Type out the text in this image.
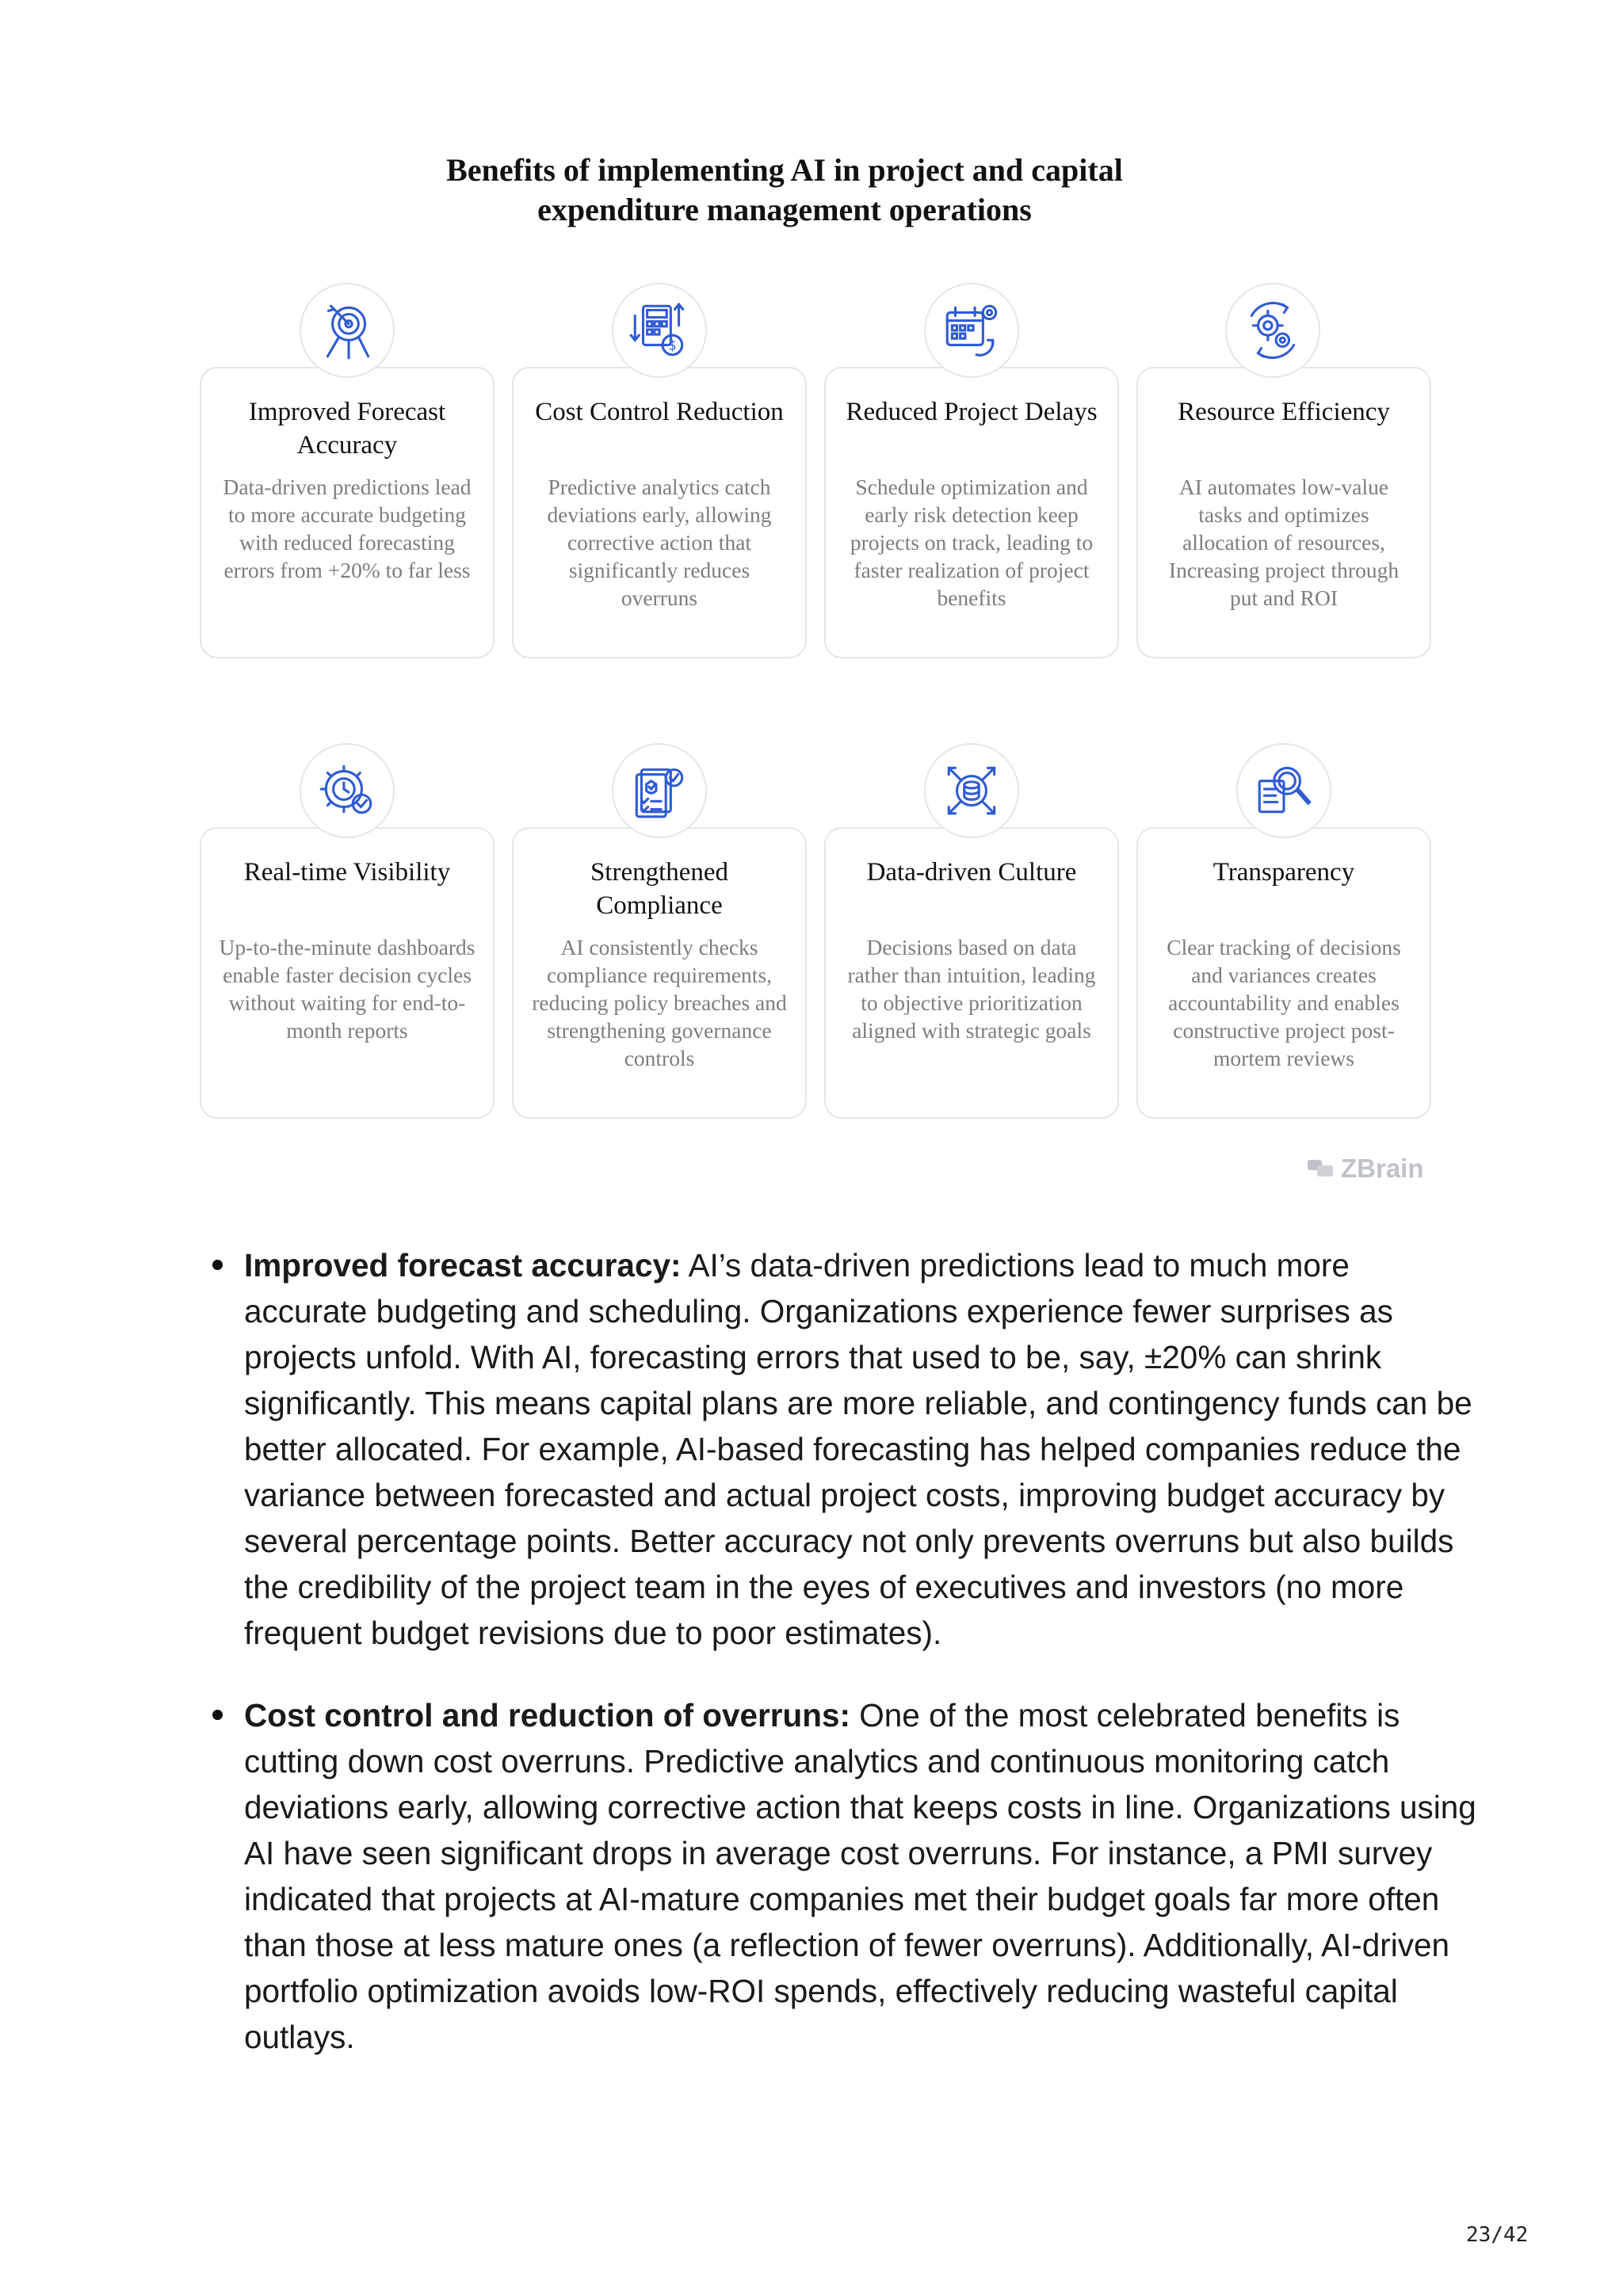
Benefits of implementing AI in project and capital
expenditure management operations
Improved Forecast Accuracy
Data-driven predictions lead to more accurate budgeting with reduced forecasting errors from +20% to far less
Cost Control Reduction
Predictive analytics catch deviations early, allowing corrective action that significantly reduces overruns
$
Reduced Project Delays
Schedule optimization and early risk detection keep projects on track, leading to faster realization of project benefits
Resource Efficiency
AI automates low-value tasks and optimizes allocation of resources, Increasing project through put and ROI
Real-time Visibility
Up-to-the-minute dashboards enable faster decision cycles without waiting for end-to-month reports
Strengthened Compliance
AI consistently checks compliance requirements, reducing policy breaches and strengthening governance controls
Data-driven Culture
Decisions based on data rather than intuition, leading to objective prioritization aligned with strategic goals
Transparency
Clear tracking of decisions and variances creates accountability and enables constructive project post-mortem reviews
ZBrain
Improved forecast accuracy: AI’s data-driven predictions lead to much more accurate budgeting and scheduling. Organizations experience fewer surprises as projects unfold. With AI, forecasting errors that used to be, say, ±20% can shrink significantly. This means capital plans are more reliable, and contingency funds can be better allocated. For example, AI-based forecasting has helped companies reduce the variance between forecasted and actual project costs, improving budget accuracy by several percentage points. Better accuracy not only prevents overruns but also builds the credibility of the project team in the eyes of executives and investors (no more frequent budget revisions due to poor estimates).
Cost control and reduction of overruns: One of the most celebrated benefits is cutting down cost overruns. Predictive analytics and continuous monitoring catch deviations early, allowing corrective action that keeps costs in line. Organizations using AI have seen significant drops in average cost overruns. For instance, a PMI survey indicated that projects at AI-mature companies met their budget goals far more often than those at less mature ones (a reflection of fewer overruns). Additionally, AI-driven portfolio optimization avoids low-ROI spends, effectively reducing wasteful capital outlays.
23/42
